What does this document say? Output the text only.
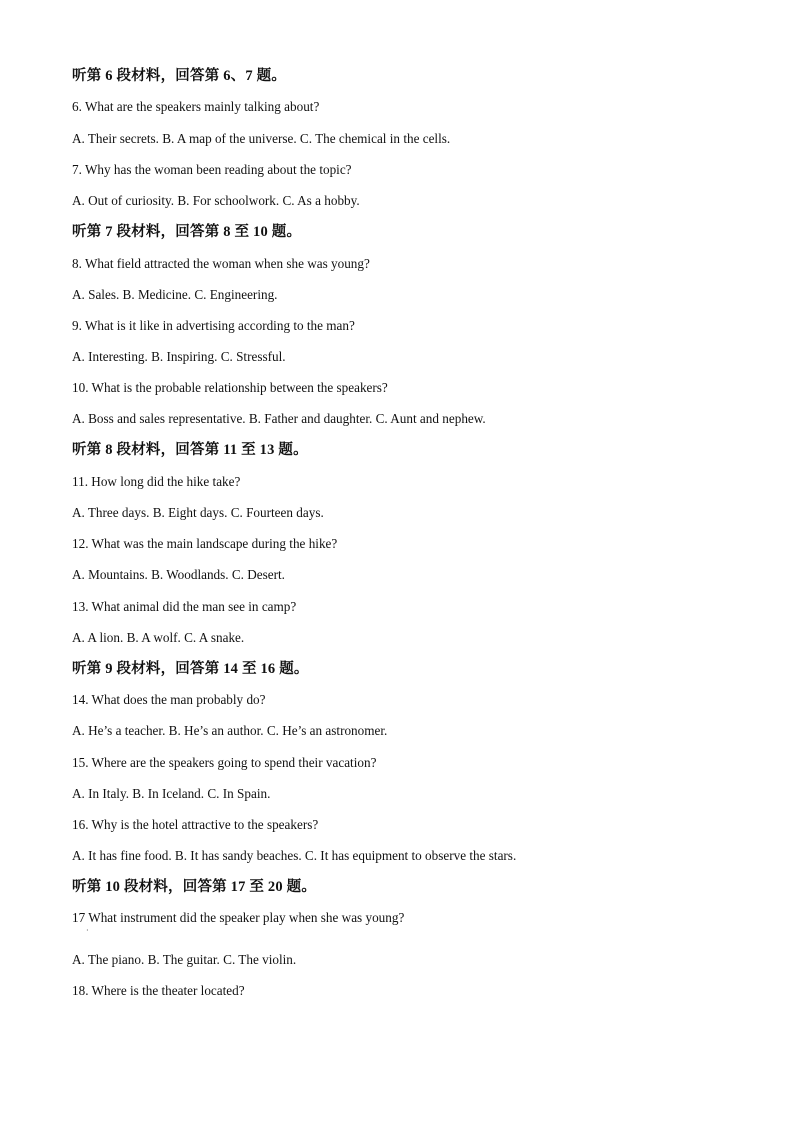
听第 6 段材料，回答第 6、7 题。
6. What are the speakers mainly talking about?
A. Their secrets. B. A map of the universe. C. The chemical in the cells.
7. Why has the woman been reading about the topic?
A. Out of curiosity. B. For schoolwork. C. As a hobby.
听第 7 段材料，回答第 8 至 10 题。
8. What field attracted the woman when she was young?
A. Sales. B. Medicine. C. Engineering.
9. What is it like in advertising according to the man?
A. Interesting. B. Inspiring. C. Stressful.
10. What is the probable relationship between the speakers?
A. Boss and sales representative. B. Father and daughter. C. Aunt and nephew.
听第 8 段材料，回答第 11 至 13 题。
11. How long did the hike take?
A. Three days. B. Eight days. C. Fourteen days.
12. What was the main landscape during the hike?
A. Mountains. B. Woodlands. C. Desert.
13. What animal did the man see in camp?
A. A lion. B. A wolf. C. A snake.
听第 9 段材料，回答第 14 至 16 题。
14. What does the man probably do?
A. He’s a teacher. B. He’s an author. C. He’s an astronomer.
15. Where are the speakers going to spend their vacation?
A. In Italy. B. In Iceland. C. In Spain.
16. Why is the hotel attractive to the speakers?
A. It has fine food. B. It has sandy beaches. C. It has equipment to observe the stars.
听第 10 段材料，回答第 17 至 20 题。
17 What instrument did the speaker play when she was young?
·
A. The piano. B. The guitar. C. The violin.
18. Where is the theater located?
